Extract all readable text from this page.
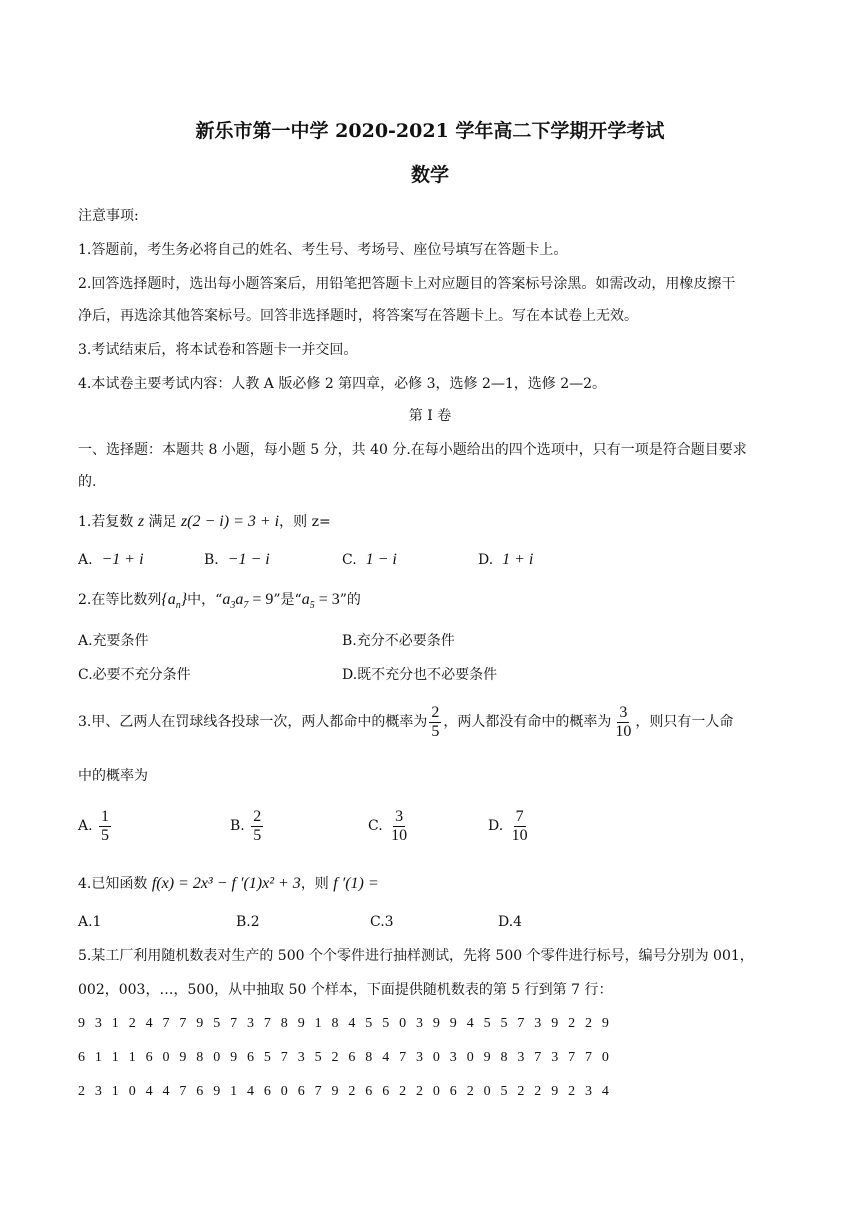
新乐市第一中学 2020-2021 学年高二下学期开学考试
数学
注意事项:
1.答题前，考生务必将自己的姓名、考生号、考场号、座位号填写在答题卡上。
2.回答选择题时，选出每小题答案后，用铅笔把答题卡上对应题目的答案标号涂黑。如需改动，用橡皮擦干
净后，再选涂其他答案标号。回答非选择题时，将答案写在答题卡上。写在本试卷上无效。
3.考试结束后，将本试卷和答题卡一并交回。
4.本试卷主要考试内容：人教 A 版必修 2 第四章，必修 3，选修 2—1，选修 2—2。
第 I 卷
一、选择题：本题共 8 小题，每小题 5 分，共 40 分.在每小题给出的四个选项中，只有一项是符合题目要求
的.
1.若复数 z 满足 z(2 − i) = 3 + i，则 z=
A. −1 + i	B. −1 − i	C. 1 − i	D. 1 + i
2.在等比数列$\{a_n\}$中，“$a_3a_7 = 9$”是“$a_5 = 3$”的
A.充要条件	B.充分不必要条件
C.必要不充分条件	D.既不充分也不必要条件
3.甲、乙两人在罚球线各投球一次，两人都命中的概率为 $\frac{2}{5}$ ，两人都没有命中的概率为 $\frac{3}{10}$ ，则只有一人命
中的概率为
A. $\frac{1}{5}$	B. $\frac{2}{5}$	C. $\frac{3}{10}$	D. $\frac{7}{10}$
4.已知函数 f(x) = 2x³ − f ′(1)x² + 3，则 f ′(1) =
A.1	B.2	C.3	D.4
5.某工厂利用随机数表对生产的 500 个个零件进行抽样测试，先将 500 个零件进行标号，编号分别为 001，
002，003，…，500，从中抽取 50 个样本，下面提供随机数表的第 5 行到第 7 行：
9 3 1 2 4 7 7 9 5 7 3 7 8 9 1 8 4 5 5 0 3 9 9 4 5 5 7 3 9 2 2 9
6 1 1 1 6 0 9 8 0 9 6 5 7 3 5 2 6 8 4 7 3 0 3 0 9 8 3 7 3 7 7 0
2 3 1 0 4 4 7 6 9 1 4 6 0 6 7 9 2 6 6 2 2 0 6 2 0 5 2 2 9 2 3 4
